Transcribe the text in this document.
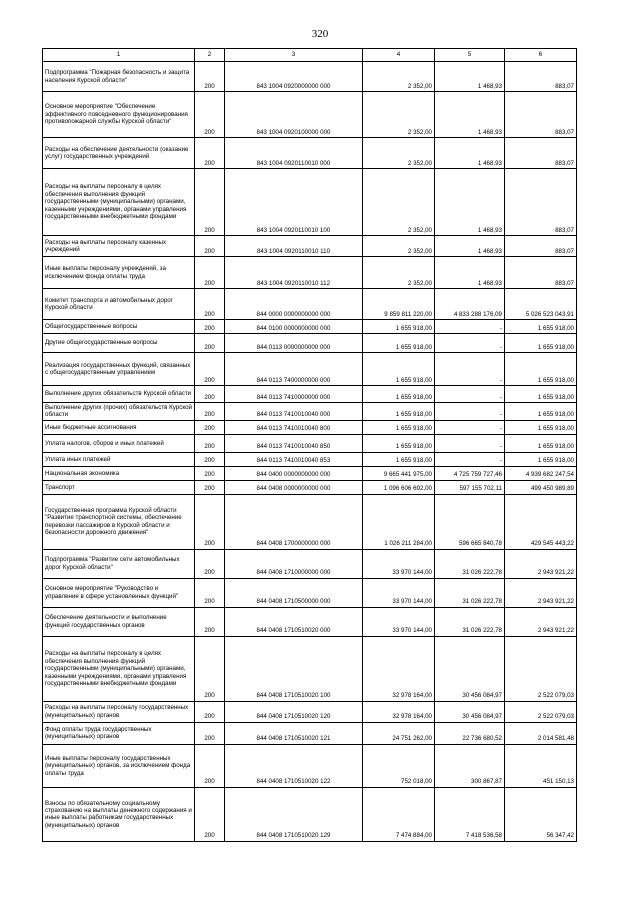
320
1	2	3	4	5	6
Подпрограмма "Пожарная безопасность и защита населения Курской области"	200	843 1004 0920000000 000	2 352,00	1 468,93	883,07
Основное мероприятие "Обеспечение эффективного повседневного функционирования противопожарной службы Курской области"	200	843 1004 0920100000 000	2 352,00	1 468,93	883,07
Расходы на обеспечение деятельности (оказание услуг) государственных учреждений	200	843 1004 0920110010 000	2 352,00	1 468,93	883,07
Расходы на выплаты персоналу в целях обеспечения выполнения функций государственными (муниципальными) органами, казенными учреждениями, органами управления государственными внебюджетными фондами	200	843 1004 0920110010 100	2 352,00	1 468,93	883,07
Расходы на выплаты персоналу казенных учреждений	200	843 1004 0920110010 110	2 352,00	1 468,93	883,07
Иные выплаты персоналу учреждений, за исключением фонда оплаты труда	200	843 1004 0920110010 112	2 352,00	1 468,93	883,07
Комитет транспорта и автомобильных дорог Курской области	200	844 0000 0000000000 000	9 859 811 220,00	4 833 288 176,09	5 026 523 043,91
Общегосударственные вопросы	200	844 0100 0000000000 000	1 655 918,00	-	1 655 918,00
Другие общегосударственные вопросы	200	844 0113 0000000000 000	1 655 918,00	-	1 655 918,00
Реализация государственных функций, связанных с общегосударственным управлением	200	844 0113 7400000000 000	1 655 918,00	-	1 655 918,00
Выполнение других обязательств Курской области	200	844 0113 7410000000 000	1 655 918,00	-	1 655 918,00
Выполнение других (прочих) обязательств Курской области	200	844 0113 7410010040 000	1 655 918,00	-	1 655 918,00
Иные бюджетные ассигнования	200	844 0113 7410010040 800	1 655 918,00	-	1 655 918,00
Уплата налогов, сборов и иных платежей	200	844 0113 7410010040 850	1 655 918,00	-	1 655 918,00
Уплата иных платежей	200	844 0113 7410010040 853	1 655 918,00	-	1 655 918,00
Национальная экономика	200	844 0400 0000000000 000	9 665 441 975,00	4 725 759 727,46	4 939 682 247,54
Транспорт	200	844 0408 0000000000 000	1 096 606 692,00	597 155 702,11	499 450 989,89
Государственная программа Курской области "Развитие транспортной системы, обеспечение перевозки пассажиров в Курской области и безопасности дорожного движения"	200	844 0408 1700000000 000	1 026 211 284,00	596 665 840,78	429 545 443,22
Подпрограмма "Развитие сети автомобильных дорог Курской области"	200	844 0408 1710000000 000	33 970 144,00	31 026 222,78	2 943 921,22
Основное мероприятие "Руководство и управление в сфере установленных функций"	200	844 0408 1710500000 000	33 970 144,00	31 026 222,78	2 943 921,22
Обеспечение деятельности и выполнение функций государственных органов	200	844 0408 1710510020 000	33 970 144,00	31 026 222,78	2 943 921,22
Расходы на выплаты персоналу в целях обеспечения выполнения функций государственными (муниципальными) органами, казенными учреждениями, органами управления государственными внебюджетными фондами	200	844 0408 1710510020 100	32 978 164,00	30 456 084,97	2 522 079,03
Расходы на выплаты персоналу государственных (муниципальных) органов	200	844 0408 1710510020 120	32 978 164,00	30 456 084,97	2 522 079,03
Фонд оплаты труда государственных (муниципальных) органов	200	844 0408 1710510020 121	24 751 262,00	22 736 680,52	2 014 581,48
Иные выплаты персоналу государственных (муниципальных) органов, за исключением фонда оплаты труда	200	844 0408 1710510020 122	752 018,00	300 867,87	451 150,13
Взносы по обязательному социальному страхованию на выплаты денежного содержания и иные выплаты работникам государственных (муниципальных) органов	200	844 0408 1710510020 129	7 474 884,00	7 418 536,58	56 347,42
